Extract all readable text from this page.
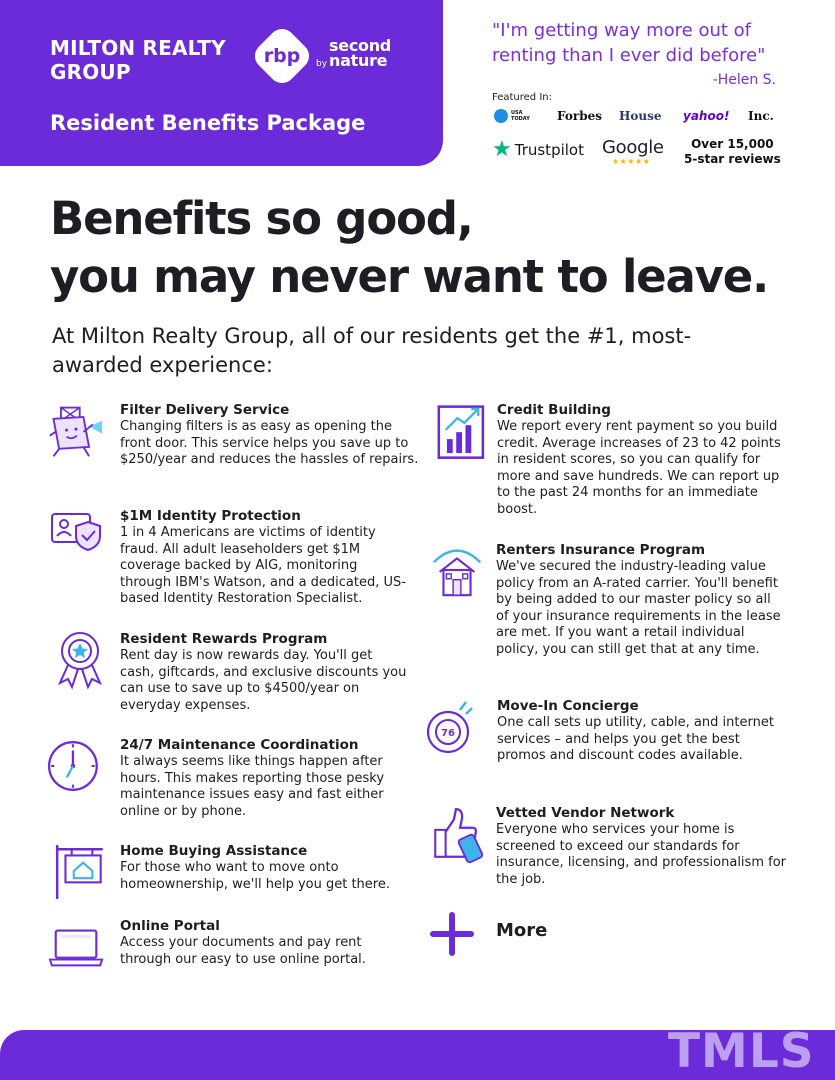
MILTON REALTY
GROUP
rbp	bysecond nature
Resident Benefits Package
"I'm getting way more out of renting than I ever did before"
-Helen S.
Featured In:
USA TODAY Forbes House yahoo! Inc.
★ Trustpilot Google
★★★★★
Over 15,000
5-star reviews
Benefits so good,
you may never want to leave.
At Milton Realty Group, all of our residents get the #1, most-awarded experience:
Filter Delivery Service
Changing filters is as easy as opening the front door. This service helps you save up to $250/year and reduces the hassles of repairs.
$1M Identity Protection
1 in 4 Americans are victims of identity fraud. All adult leaseholders get $1M coverage backed by AIG, monitoring through IBM's Watson, and a dedicated, US-based Identity Restoration Specialist.
Resident Rewards Program
Rent day is now rewards day. You'll get cash, giftcards, and exclusive discounts you can use to save up to $4500/year on everyday expenses.
24/7 Maintenance Coordination
It always seems like things happen after hours. This makes reporting those pesky maintenance issues easy and fast either online or by phone.
Home Buying Assistance
For those who want to move onto homeownership, we'll help you get there.
Online Portal
Access your documents and pay rent through our easy to use online portal.
Credit Building
We report every rent payment so you build credit. Average increases of 23 to 42 points in resident scores, so you can qualify for more and save hundreds. We can report up to the past 24 months for an immediate boost.
Renters Insurance Program
We've secured the industry-leading value policy from an A-rated carrier. You'll benefit by being added to our master policy so all of your insurance requirements in the lease are met. If you want a retail individual policy, you can still get that at any time.
76
Move-In Concierge
One call sets up utility, cable, and internet services – and helps you get the best promos and discount codes available.
Vetted Vendor Network
Everyone who services your home is screened to exceed our standards for insurance, licensing, and professionalism for the job.
More
TMLS
